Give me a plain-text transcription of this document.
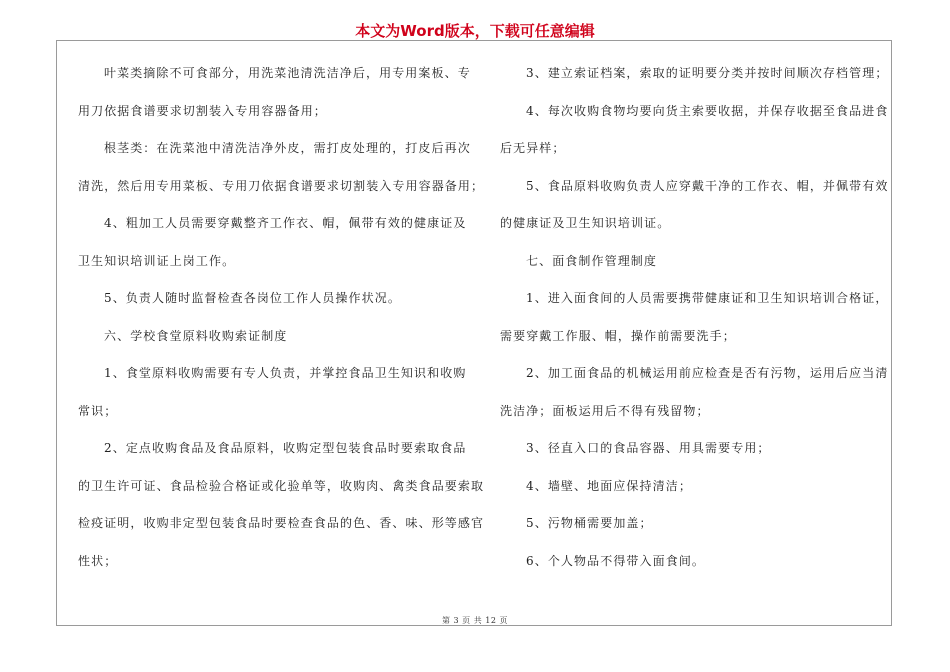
本文为Word版本，下载可任意编辑
叶菜类摘除不可食部分，用洗菜池清洗洁净后，用专用案板、专
用刀依据食谱要求切割装入专用容器备用；
根茎类：在洗菜池中清洗洁净外皮，需打皮处理的，打皮后再次
清洗，然后用专用菜板、专用刀依据食谱要求切割装入专用容器备用；
4、粗加工人员需要穿戴整齐工作衣、帽，佩带有效的健康证及
卫生知识培训证上岗工作。
5、负责人随时监督检查各岗位工作人员操作状况。
六、学校食堂原料收购索证制度
1、食堂原料收购需要有专人负责，并掌控食品卫生知识和收购
常识；
2、定点收购食品及食品原料，收购定型包装食品时要索取食品
的卫生许可证、食品检验合格证或化验单等，收购肉、禽类食品要索取
检疫证明，收购非定型包装食品时要检查食品的色、香、味、形等感官
性状；
3、建立索证档案，索取的证明要分类并按时间顺次存档管理；
4、每次收购食物均要向货主索要收据，并保存收据至食品进食
后无异样；
5、食品原料收购负责人应穿戴干净的工作衣、帽，并佩带有效
的健康证及卫生知识培训证。
七、面食制作管理制度
1、进入面食间的人员需要携带健康证和卫生知识培训合格证，
需要穿戴工作服、帽，操作前需要洗手；
2、加工面食品的机械运用前应检查是否有污物，运用后应当清
洗洁净；面板运用后不得有残留物；
3、径直入口的食品容器、用具需要专用；
4、墙壁、地面应保持清洁；
5、污物桶需要加盖；
6、个人物品不得带入面食间。
第 3 页 共 12 页
